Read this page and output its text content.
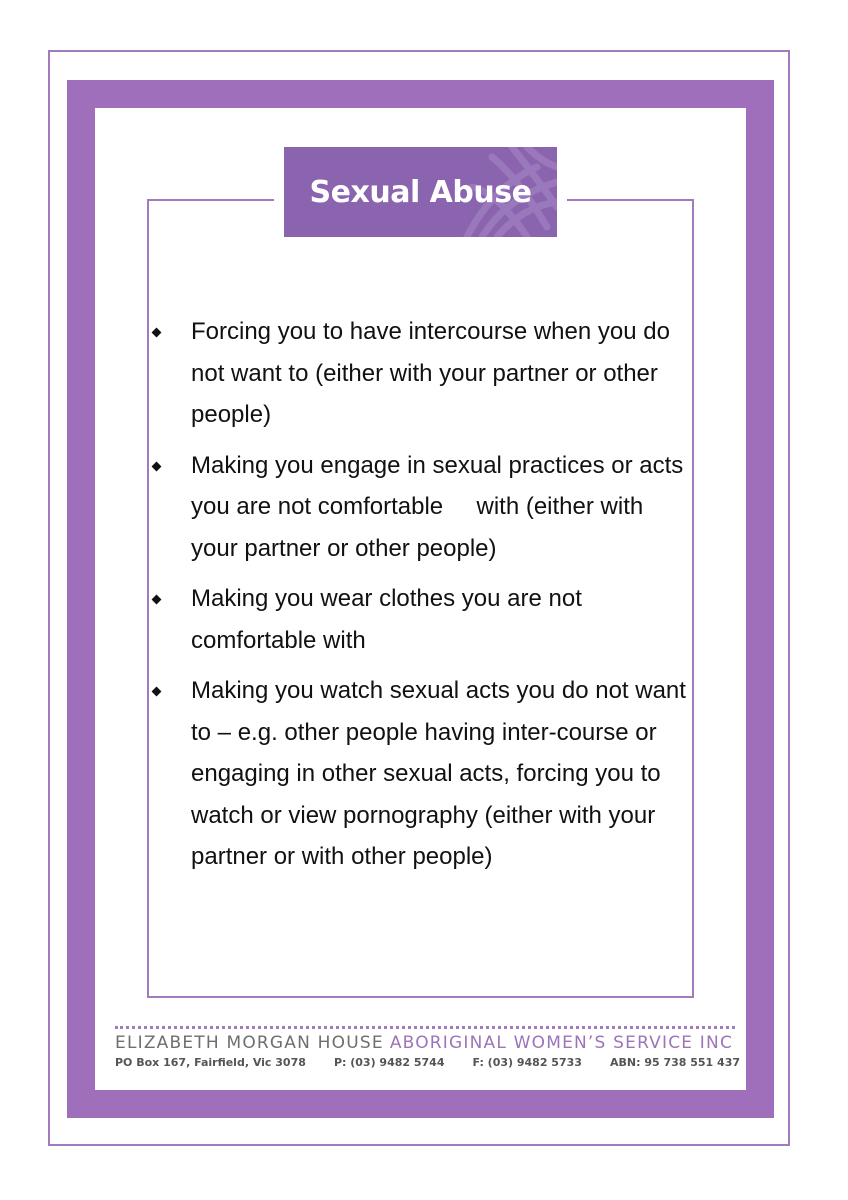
Sexual Abuse
Forcing you to have intercourse when you do not want to (either with your partner or other people)
Making you engage in sexual practices or acts you are not comfortable     with (either with your partner or other people)
Making you wear clothes you are not comfortable with
Making you watch sexual acts you do not want to – e.g. other people having inter-course or engaging in other sexual acts, forcing you to watch or view pornography (either with your partner or with other people)
ELIZABETH MORGAN HOUSE ABORIGINAL WOMEN’S SERVICE INC
PO Box 167, Fairfield, Vic 3078	P: (03) 9482 5744	F: (03) 9482 5733	ABN: 95 738 551 437
